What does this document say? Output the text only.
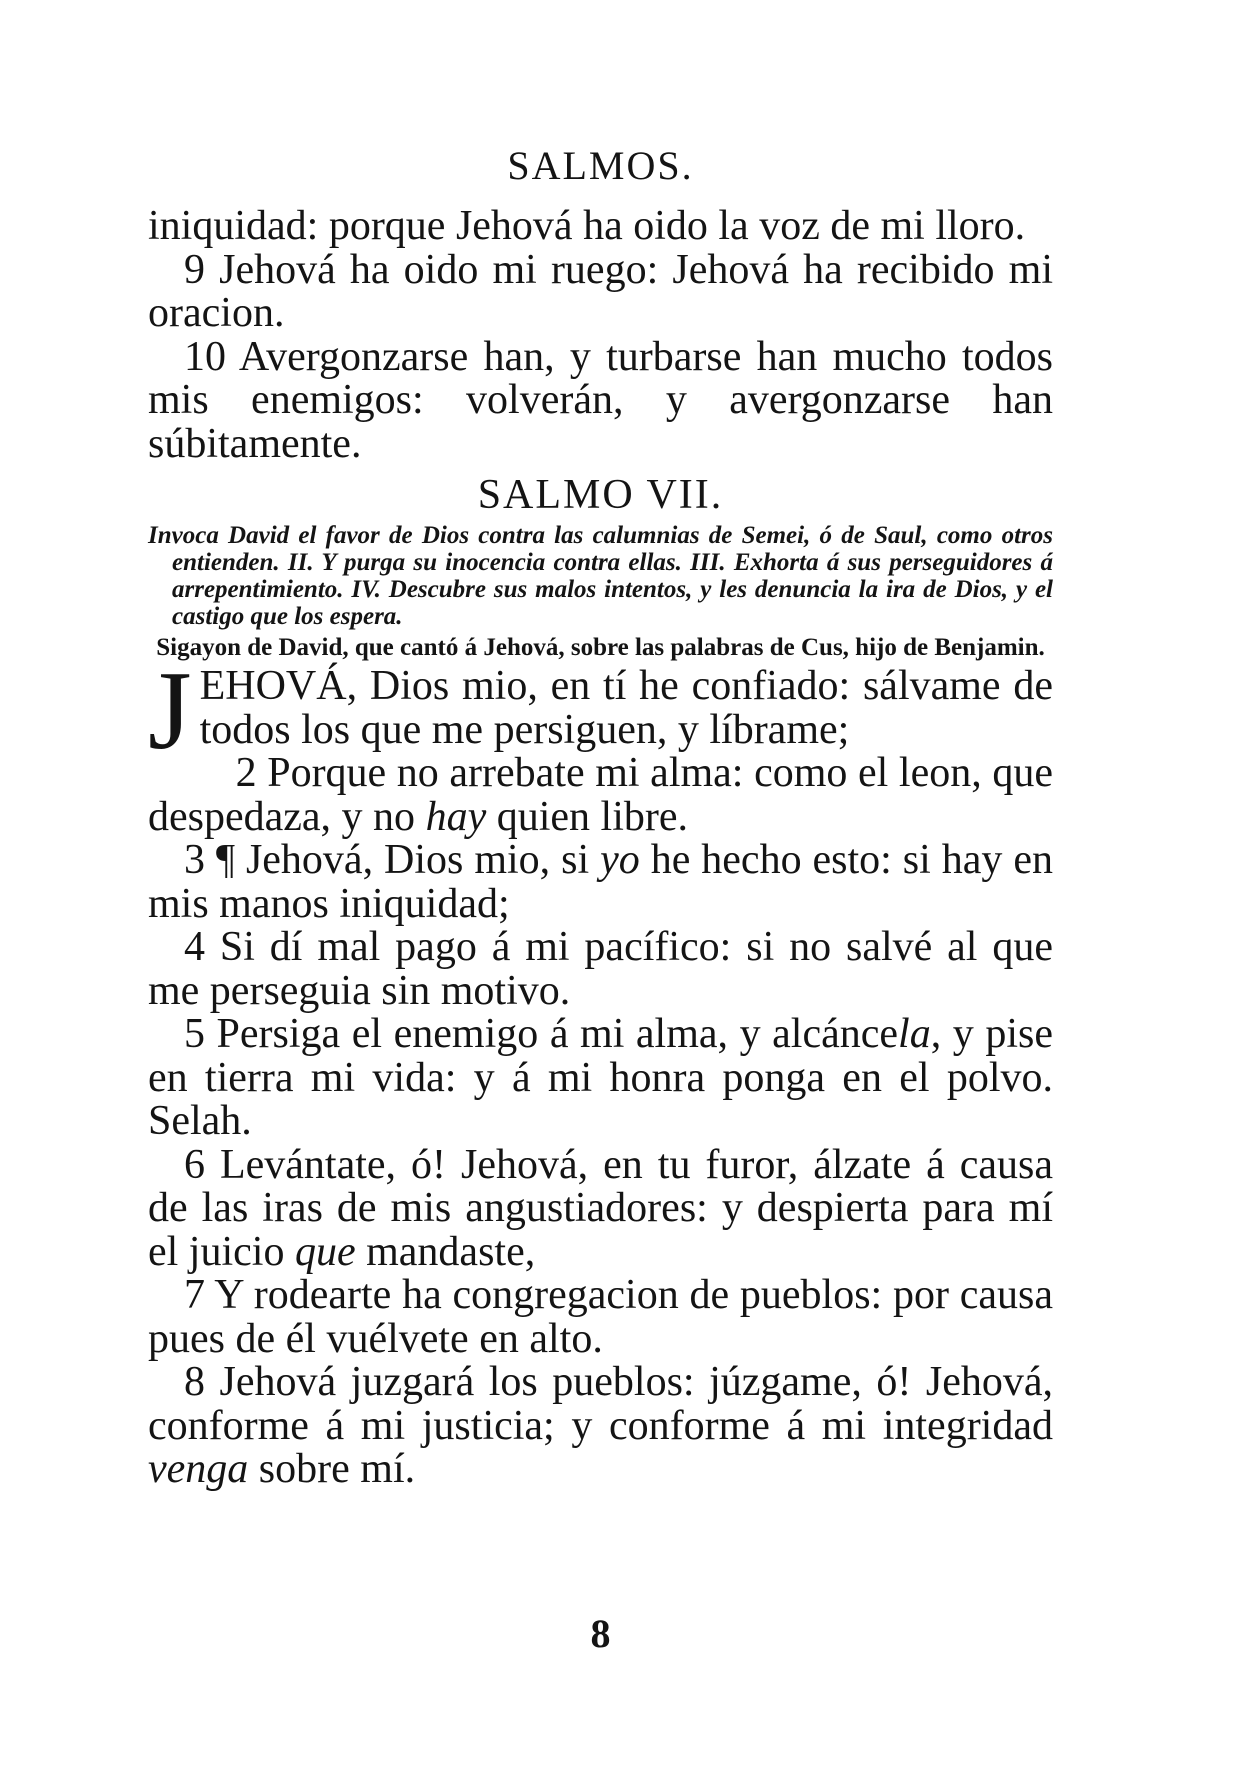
SALMOS.

iniquidad: porque Jehová ha oido la voz de mi lloro.

9 Jehová ha oido mi ruego: Jehová ha recibido mi oracion.

10 Avergonzarse han, y turbarse han mucho todos mis enemigos: volverán, y avergonzarse han súbitamente.

SALMO VII.
Invoca David el favor de Dios contra las calumnias de Semei, ó de Saul, como otros entienden. II. Y purga su inocencia contra ellas. III. Exhorta á sus perseguidores á arrepentimiento. IV. Descubre sus malos intentos, y les denuncia la ira de Dios, y el castigo que los espera.
Sigayon de David, que cantó á Jehová, sobre las palabras de Cus, hijo de Benjamin.
J EHOVÁ, Dios mio, en tí he confiado: sálvame de todos los que me persiguen, y líbrame;

2 Porque no arrebate mi alma: como el leon, que despedaza, y no hay quien libre.

3 ¶ Jehová, Dios mio, si yo he hecho esto: si hay en mis manos iniquidad;

4 Si dí mal pago á mi pacífico: si no salvé al que me perseguia sin motivo.

5 Persiga el enemigo á mi alma, y alcáncela, y pise en tierra mi vida: y á mi honra ponga en el polvo. Selah.

6 Levántate, ó! Jehová, en tu furor, álzate á causa de las iras de mis angustiadores: y despierta para mí el juicio que mandaste,

7 Y rodearte ha congregacion de pueblos: por causa pues de él vuélvete en alto.

8 Jehová juzgará los pueblos: júzgame, ó! Jehová, conforme á mi justicia; y conforme á mi integridad venga sobre mí.

8
